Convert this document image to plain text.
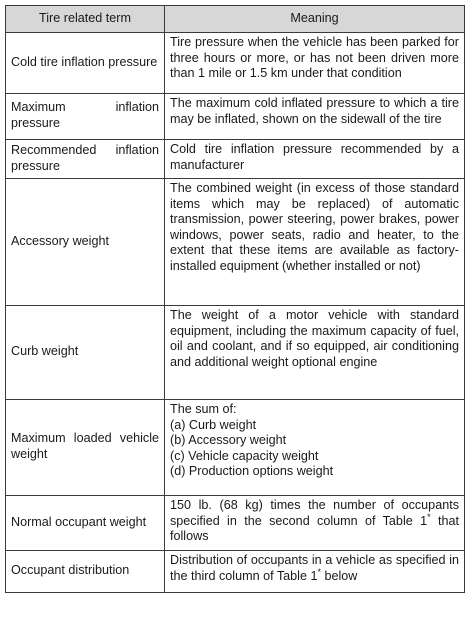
Tire related term	Meaning
Cold tire inflation pressure	Tire pressure when the vehicle has been parked for three hours or more, or has not been driven more than 1 mile or 1.5 km under that condition
Maximum inflation pressure	The maximum cold inflated pressure to which a tire may be inflated, shown on the sidewall of the tire
Recommended inflation pressure	Cold tire inflation pressure recommended by a manufacturer
Accessory weight	The combined weight (in excess of those standard items which may be replaced) of automatic transmission, power steering, power brakes, power windows, power seats, radio and heater, to the extent that these items are available as factory-installed equipment (whether installed or not)
Curb weight	The weight of a motor vehicle with standard equipment, including the maximum capacity of fuel, oil and coolant, and if so equipped, air conditioning and additional weight optional engine
Maximum loaded vehicle weight	The sum of:
(a) Curb weight
(b) Accessory weight
(c) Vehicle capacity weight
(d) Production options weight

Normal occupant weight	150 lb. (68 kg) times the number of occupants specified in the second column of Table 1* that follows
Occupant distribution	Distribution of occupants in a vehicle as specified in the third column of Table 1* below
